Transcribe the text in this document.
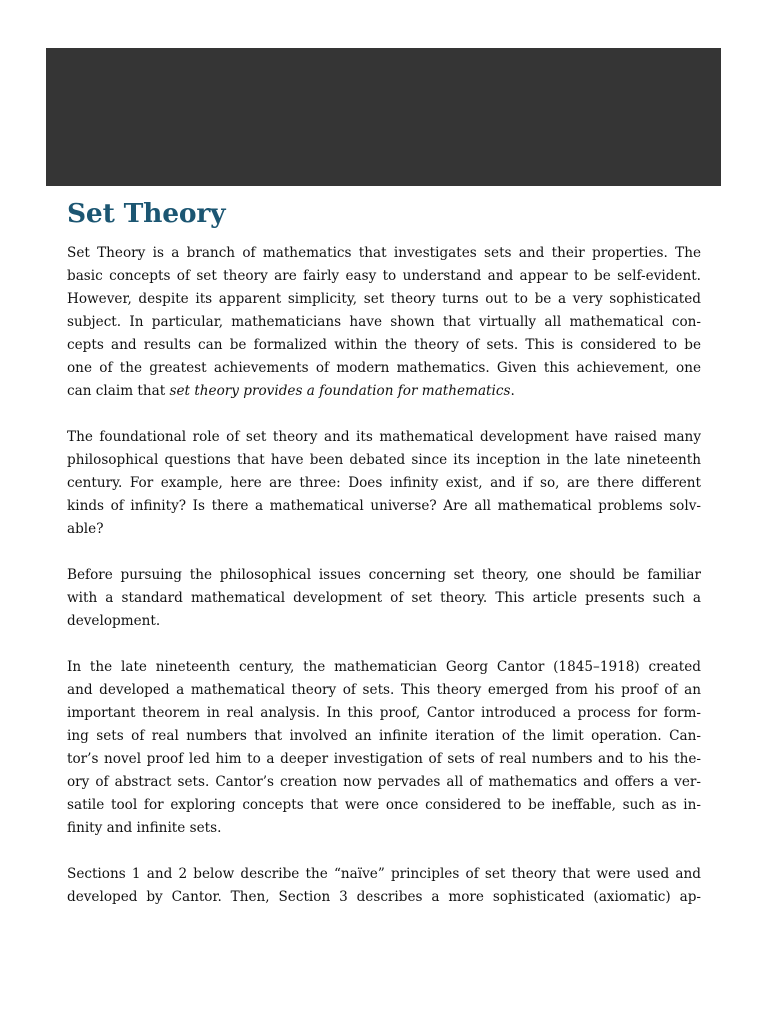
Set Theory

Set Theory is a branch of mathematics that investigates sets and their properties. The
basic concepts of set theory are fairly easy to understand and appear to be self-evident.
However, despite its apparent simplicity, set theory turns out to be a very sophisticated
subject. In particular, mathematicians have shown that virtually all mathematical con-
cepts and results can be formalized within the theory of sets. This is considered to be
one of the greatest achievements of modern mathematics. Given this achievement, one
can claim that set theory provides a foundation for mathematics.

The foundational role of set theory and its mathematical development have raised many
philosophical questions that have been debated since its inception in the late nineteenth
century. For example, here are three: Does infinity exist, and if so, are there different
kinds of infinity? Is there a mathematical universe? Are all mathematical problems solv-
able?

Before pursuing the philosophical issues concerning set theory, one should be familiar
with a standard mathematical development of set theory. This article presents such a
development.

In the late nineteenth century, the mathematician Georg Cantor (1845–1918) created
and developed a mathematical theory of sets. This theory emerged from his proof of an
important theorem in real analysis. In this proof, Cantor introduced a process for form-
ing sets of real numbers that involved an infinite iteration of the limit operation. Can-
tor’s novel proof led him to a deeper investigation of sets of real numbers and to his the-
ory of abstract sets. Cantor’s creation now pervades all of mathematics and offers a ver-
satile tool for exploring concepts that were once considered to be ineffable, such as in-
finity and infinite sets.

Sections 1 and 2 below describe the “naïve” principles of set theory that were used and
developed by Cantor. Then, Section 3 describes a more sophisticated (axiomatic) ap-
